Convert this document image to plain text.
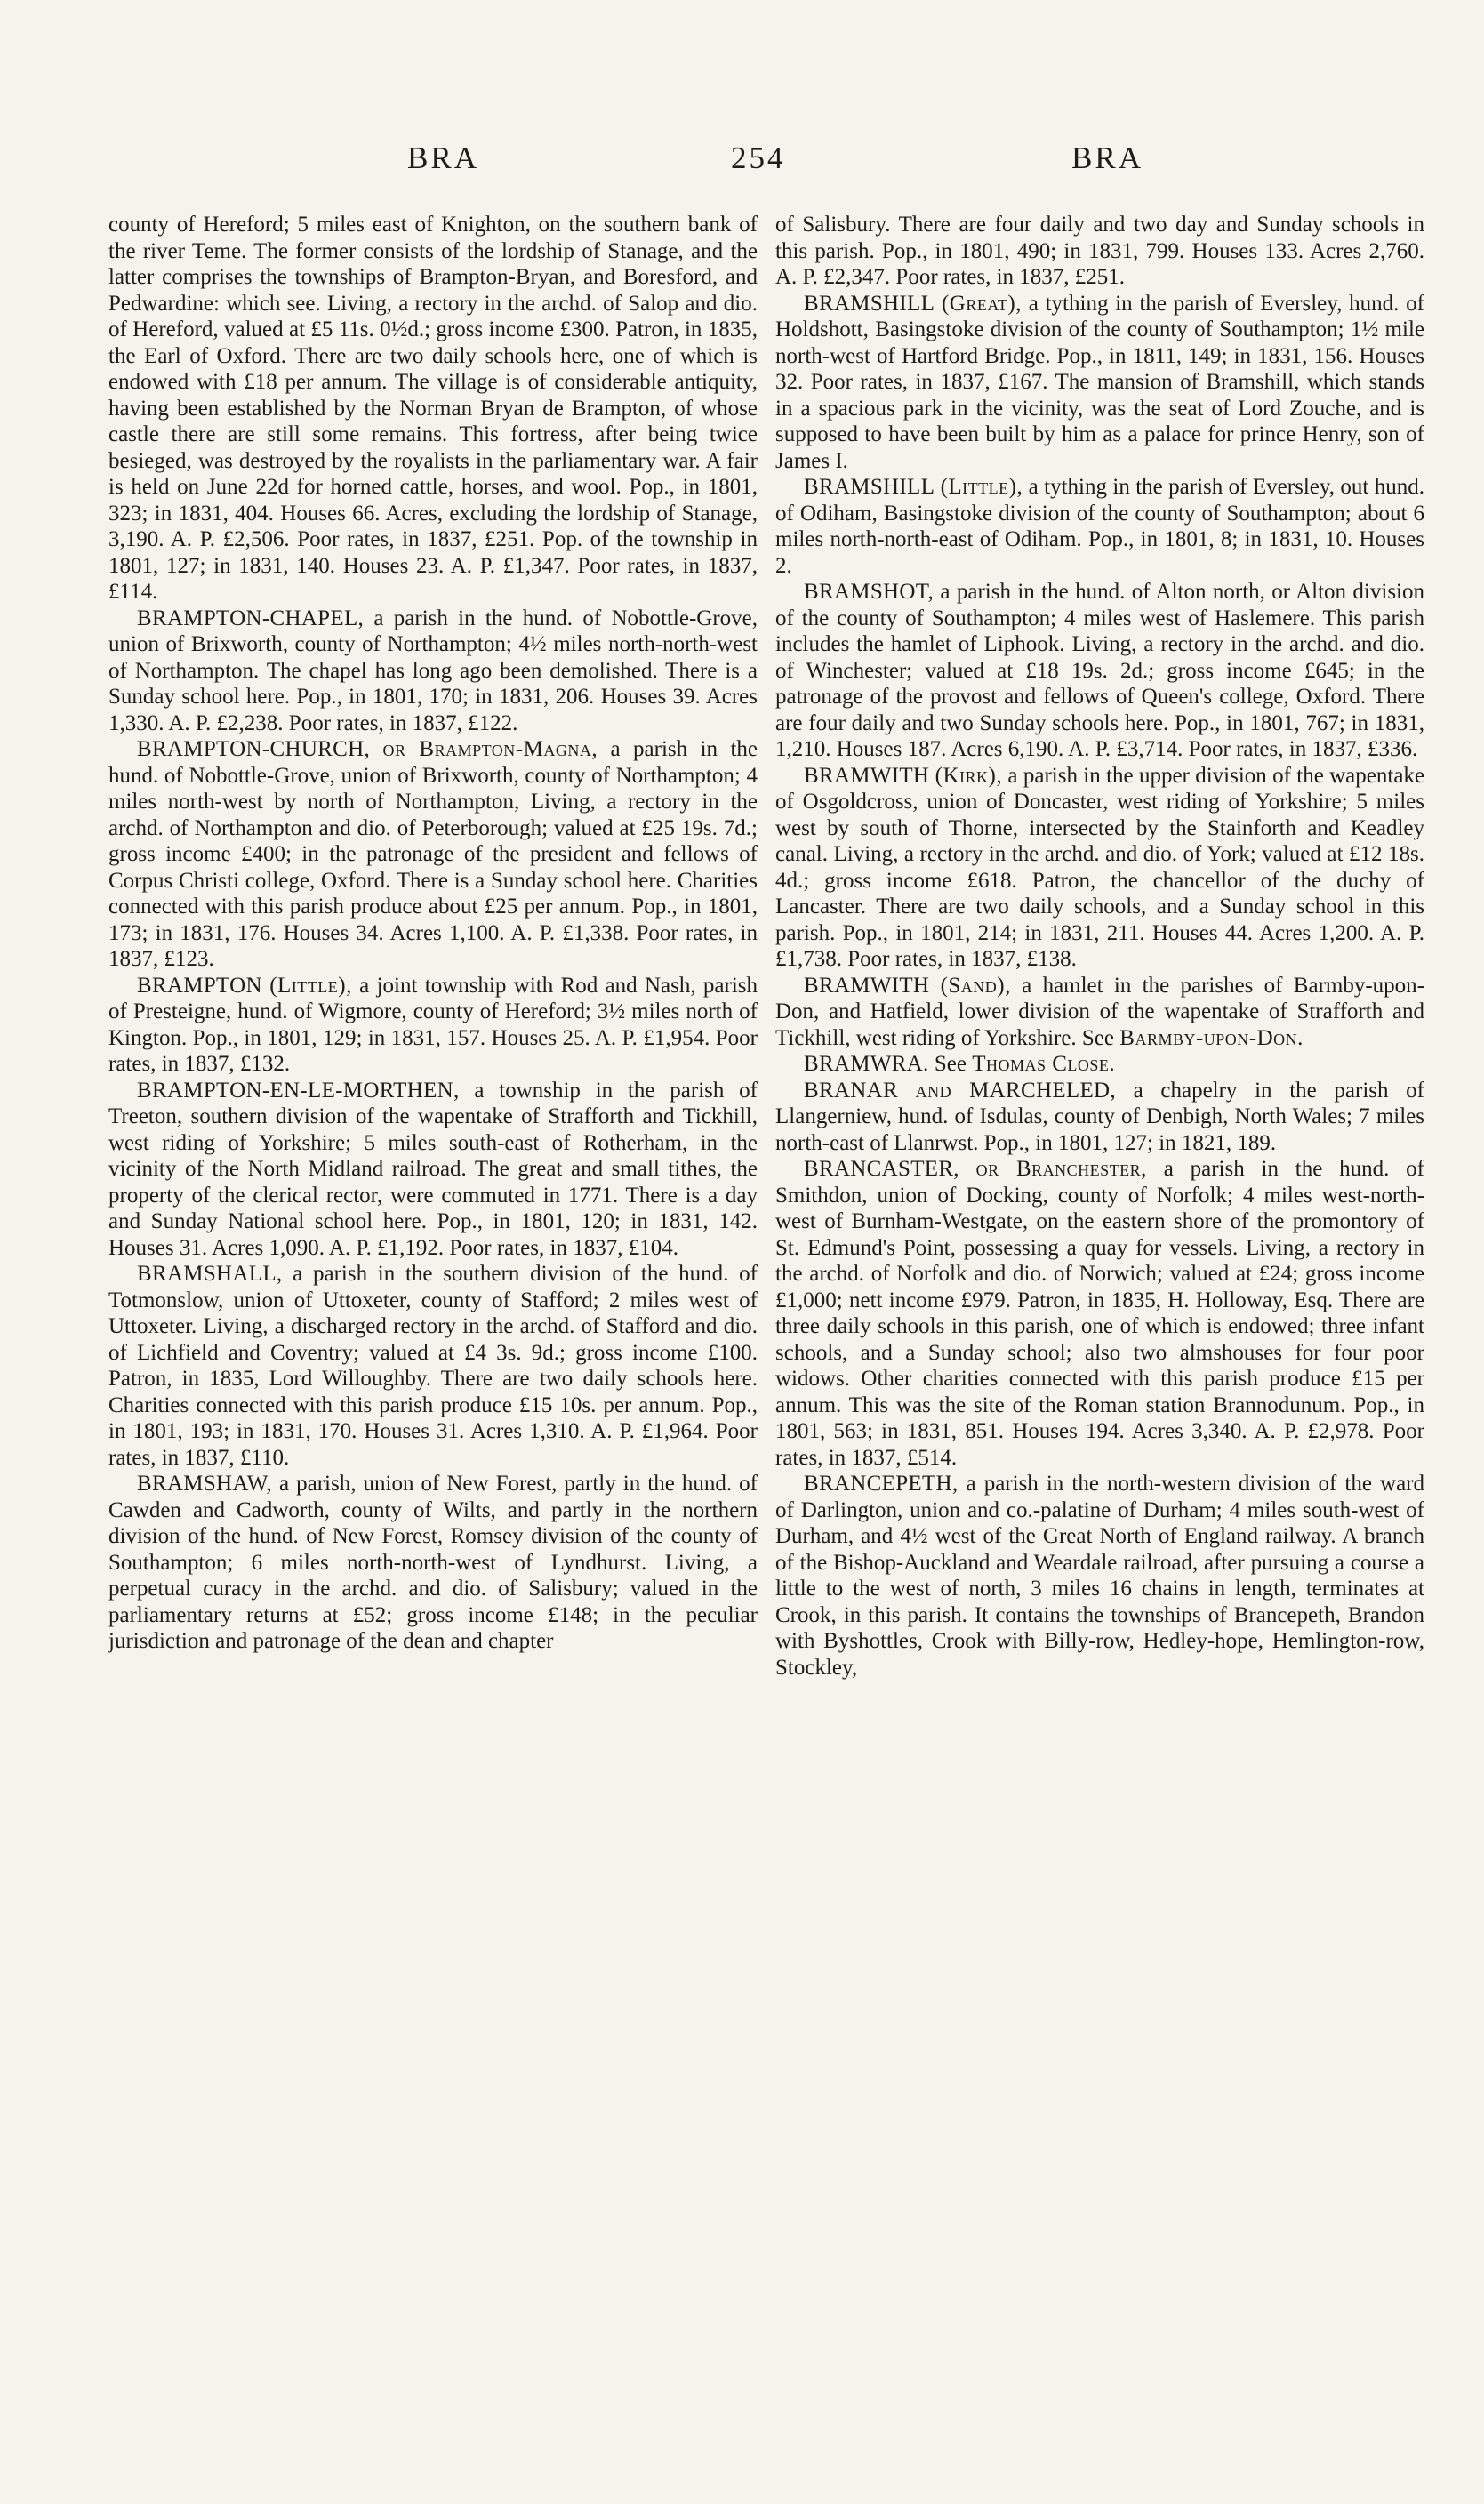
BRA	254	BRA

county of Hereford; 5 miles east of Knighton, on the southern bank of the river Teme. The former consists of the lordship of Stanage, and the latter comprises the townships of Brampton-Bryan, and Boresford, and Pedwardine: which see. Living, a rectory in the archd. of Salop and dio. of Hereford, valued at £5 11s. 0½d.; gross income £300. Patron, in 1835, the Earl of Oxford. There are two daily schools here, one of which is endowed with £18 per annum. The village is of considerable antiquity, having been established by the Norman Bryan de Brampton, of whose castle there are still some remains. This fortress, after being twice besieged, was destroyed by the royalists in the parliamentary war. A fair is held on June 22d for horned cattle, horses, and wool. Pop., in 1801, 323; in 1831, 404. Houses 66. Acres, excluding the lordship of Stanage, 3,190. A. P. £2,506. Poor rates, in 1837, £251. Pop. of the township in 1801, 127; in 1831, 140. Houses 23. A. P. £1,347. Poor rates, in 1837, £114.

BRAMPTON-CHAPEL, a parish in the hund. of Nobottle-Grove, union of Brixworth, county of Northampton; 4½ miles north-north-west of Northampton. The chapel has long ago been demolished. There is a Sunday school here. Pop., in 1801, 170; in 1831, 206. Houses 39. Acres 1,330. A. P. £2,238. Poor rates, in 1837, £122.

BRAMPTON-CHURCH, or Brampton-Magna, a parish in the hund. of Nobottle-Grove, union of Brixworth, county of Northampton; 4 miles north-west by north of Northampton, Living, a rectory in the archd. of Northampton and dio. of Peterborough; valued at £25 19s. 7d.; gross income £400; in the patronage of the president and fellows of Corpus Christi college, Oxford. There is a Sunday school here. Charities connected with this parish produce about £25 per annum. Pop., in 1801, 173; in 1831, 176. Houses 34. Acres 1,100. A. P. £1,338. Poor rates, in 1837, £123.

BRAMPTON (Little), a joint township with Rod and Nash, parish of Presteigne, hund. of Wigmore, county of Hereford; 3½ miles north of Kington. Pop., in 1801, 129; in 1831, 157. Houses 25. A. P. £1,954. Poor rates, in 1837, £132.

BRAMPTON-EN-LE-MORTHEN, a township in the parish of Treeton, southern division of the wapentake of Strafforth and Tickhill, west riding of Yorkshire; 5 miles south-east of Rotherham, in the vicinity of the North Midland railroad. The great and small tithes, the property of the clerical rector, were commuted in 1771. There is a day and Sunday National school here. Pop., in 1801, 120; in 1831, 142. Houses 31. Acres 1,090. A. P. £1,192. Poor rates, in 1837, £104.

BRAMSHALL, a parish in the southern division of the hund. of Totmonslow, union of Uttoxeter, county of Stafford; 2 miles west of Uttoxeter. Living, a discharged rectory in the archd. of Stafford and dio. of Lichfield and Coventry; valued at £4 3s. 9d.; gross income £100. Patron, in 1835, Lord Willoughby. There are two daily schools here. Charities connected with this parish produce £15 10s. per annum. Pop., in 1801, 193; in 1831, 170. Houses 31. Acres 1,310. A. P. £1,964. Poor rates, in 1837, £110.

BRAMSHAW, a parish, union of New Forest, partly in the hund. of Cawden and Cadworth, county of Wilts, and partly in the northern division of the hund. of New Forest, Romsey division of the county of Southampton; 6 miles north-north-west of Lyndhurst. Living, a perpetual curacy in the archd. and dio. of Salisbury; valued in the parliamentary returns at £52; gross income £148; in the peculiar jurisdiction and patronage of the dean and chapter

of Salisbury. There are four daily and two day and Sunday schools in this parish. Pop., in 1801, 490; in 1831, 799. Houses 133. Acres 2,760. A. P. £2,347. Poor rates, in 1837, £251.

BRAMSHILL (Great), a tything in the parish of Eversley, hund. of Holdshott, Basingstoke division of the county of Southampton; 1½ mile north-west of Hartford Bridge. Pop., in 1811, 149; in 1831, 156. Houses 32. Poor rates, in 1837, £167. The mansion of Bramshill, which stands in a spacious park in the vicinity, was the seat of Lord Zouche, and is supposed to have been built by him as a palace for prince Henry, son of James I.

BRAMSHILL (Little), a tything in the parish of Eversley, out hund. of Odiham, Basingstoke division of the county of Southampton; about 6 miles north-north-east of Odiham. Pop., in 1801, 8; in 1831, 10. Houses 2.

BRAMSHOT, a parish in the hund. of Alton north, or Alton division of the county of Southampton; 4 miles west of Haslemere. This parish includes the hamlet of Liphook. Living, a rectory in the archd. and dio. of Winchester; valued at £18 19s. 2d.; gross income £645; in the patronage of the provost and fellows of Queen's college, Oxford. There are four daily and two Sunday schools here. Pop., in 1801, 767; in 1831, 1,210. Houses 187. Acres 6,190. A. P. £3,714. Poor rates, in 1837, £336.

BRAMWITH (Kirk), a parish in the upper division of the wapentake of Osgoldcross, union of Doncaster, west riding of Yorkshire; 5 miles west by south of Thorne, intersected by the Stainforth and Keadley canal. Living, a rectory in the archd. and dio. of York; valued at £12 18s. 4d.; gross income £618. Patron, the chancellor of the duchy of Lancaster. There are two daily schools, and a Sunday school in this parish. Pop., in 1801, 214; in 1831, 211. Houses 44. Acres 1,200. A. P. £1,738. Poor rates, in 1837, £138.

BRAMWITH (Sand), a hamlet in the parishes of Barmby-upon-Don, and Hatfield, lower division of the wapentake of Strafforth and Tickhill, west riding of Yorkshire. See Barmby-upon-Don.

BRAMWRA. See Thomas Close.

BRANAR and MARCHELED, a chapelry in the parish of Llangerniew, hund. of Isdulas, county of Denbigh, North Wales; 7 miles north-east of Llanrwst. Pop., in 1801, 127; in 1821, 189.

BRANCASTER, or Branchester, a parish in the hund. of Smithdon, union of Docking, county of Norfolk; 4 miles west-north-west of Burnham-Westgate, on the eastern shore of the promontory of St. Edmund's Point, possessing a quay for vessels. Living, a rectory in the archd. of Norfolk and dio. of Norwich; valued at £24; gross income £1,000; nett income £979. Patron, in 1835, H. Holloway, Esq. There are three daily schools in this parish, one of which is endowed; three infant schools, and a Sunday school; also two almshouses for four poor widows. Other charities connected with this parish produce £15 per annum. This was the site of the Roman station Brannodunum. Pop., in 1801, 563; in 1831, 851. Houses 194. Acres 3,340. A. P. £2,978. Poor rates, in 1837, £514.

BRANCEPETH, a parish in the north-western division of the ward of Darlington, union and co.-palatine of Durham; 4 miles south-west of Durham, and 4½ west of the Great North of England railway. A branch of the Bishop-Auckland and Weardale railroad, after pursuing a course a little to the west of north, 3 miles 16 chains in length, terminates at Crook, in this parish. It contains the townships of Brancepeth, Brandon with Byshottles, Crook with Billy-row, Hedley-hope, Hemlington-row, Stockley,
